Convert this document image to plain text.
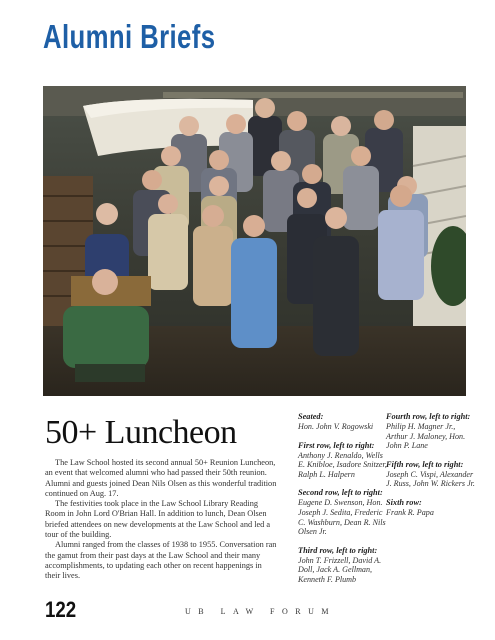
Alumni Briefs
50+ Luncheon

The Law School hosted its second annual 50+ Reunion Luncheon, an event that welcomed alumni who had passed their 50th reunion. Alumni and guests joined Dean Nils Olsen as this wonderful tradition continued on Aug. 17.

The festivities took place in the Law School Library Reading Room in John Lord O'Brian Hall. In addition to lunch, Dean Olsen briefed attendees on new developments at the Law School and led a tour of the building.

Alumni ranged from the classes of 1938 to 1955. Conversation ran the gamut from their past days at the Law School and their many accomplishments, to updating each other on recent happenings in their lives.

Seated:

Hon. John V. Rogowski

First row, left to right:

Anthony J. Renaldo, Wells E. Knibloe, Isadore Snitzer, Ralph L. Halpern

Second row, left to right:

Eugene D. Swenson, Hon. Joseph J. Sedita, Frederic C. Washburn, Dean R. Nils Olsen Jr.

Third row, left to right:

John T. Frizzell, David A. Doll, Jack A. Gellman, Kenneth F. Plumb

Fourth row, left to right:

Philip H. Magner Jr., Arthur J. Maloney, Hon. John P. Lane

Fifth row, left to right:

Joseph C. Vispi, Alexander J. Russ, John W. Rickers Jr.

Sixth row:

Frank R. Papa

122	UB LAW FORUM
